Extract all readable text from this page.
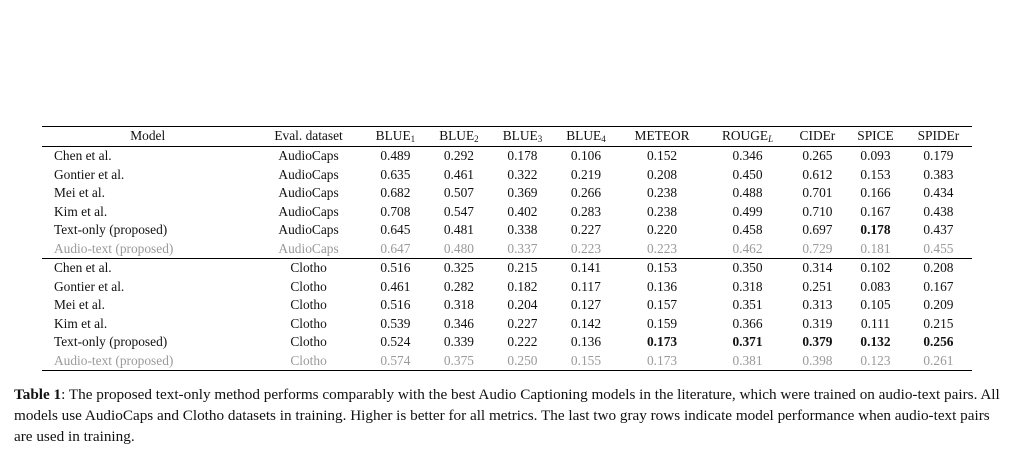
Model	Eval. dataset	$BLUE_1$	$BLUE_2$	$BLUE_3$	$BLUE_4$	METEOR	$ROUGE_L$	CIDEr	SPICE	SPIDEr
Chen et al.	AudioCaps	0.489	0.292	0.178	0.106	0.152	0.346	0.265	0.093	0.179
Gontier et al.	AudioCaps	0.635	0.461	0.322	0.219	0.208	0.450	0.612	0.153	0.383
Mei et al.	AudioCaps	0.682	0.507	0.369	0.266	0.238	0.488	0.701	0.166	0.434
Kim et al.	AudioCaps	0.708	0.547	0.402	0.283	0.238	0.499	0.710	0.167	0.438
Text-only (proposed)	AudioCaps	0.645	0.481	0.338	0.227	0.220	0.458	0.697	0.178	0.437
Audio-text (proposed)	AudioCaps	0.647	0.480	0.337	0.223	0.223	0.462	0.729	0.181	0.455
Chen et al.	Clotho	0.516	0.325	0.215	0.141	0.153	0.350	0.314	0.102	0.208
Gontier et al.	Clotho	0.461	0.282	0.182	0.117	0.136	0.318	0.251	0.083	0.167
Mei et al.	Clotho	0.516	0.318	0.204	0.127	0.157	0.351	0.313	0.105	0.209
Kim et al.	Clotho	0.539	0.346	0.227	0.142	0.159	0.366	0.319	0.111	0.215
Text-only (proposed)	Clotho	0.524	0.339	0.222	0.136	0.173	0.371	0.379	0.132	0.256
Audio-text (proposed)	Clotho	0.574	0.375	0.250	0.155	0.173	0.381	0.398	0.123	0.261
Table 1: The proposed text-only method performs comparably with the best Audio Captioning models in the literature, which were trained on audio-text pairs. All models use AudioCaps and Clotho datasets in training. Higher is better for all metrics. The last two gray rows indicate model performance when audio-text pairs are used in training.
